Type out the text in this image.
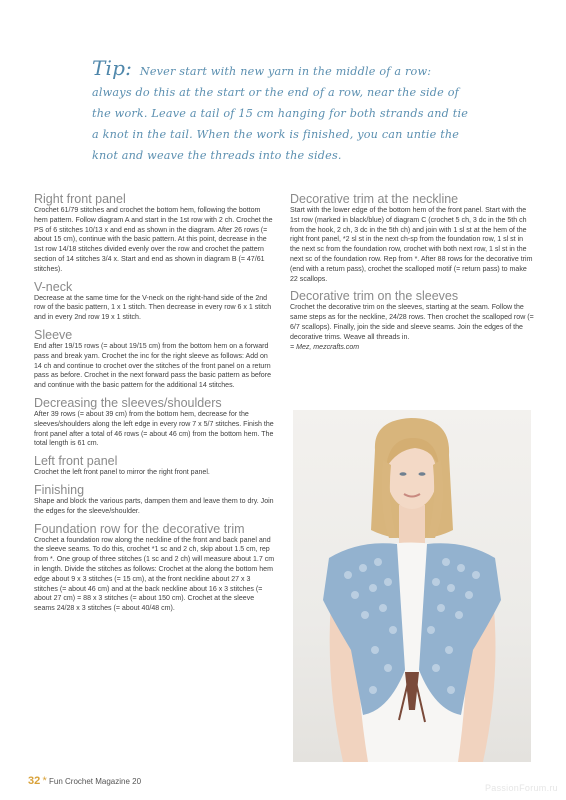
Tip: Never start with new yarn in the middle of a row: always do this at the start or the end of a row, near the side of the work. Leave a tail of 15 cm hanging for both strands and tie a knot in the tail. When the work is finished, you can untie the knot and weave the threads into the sides.
Right front panel

Crochet 61/79 stitches and crochet the bottom hem, following the bottom hem pattern. Follow diagram A and start in the 1st row with 2 ch. Crochet the PS of 6 stitches 10/13 x and end as shown in the diagram. After 26 rows (= about 15 cm), continue with the basic pattern. At this point, decrease in the 1st row 14/18 stitches divided evenly over the row and crochet the pattern section of 14 stitches 3/4 x. Start and end as shown in diagram B (= 47/61 stitches).

V-neck

Decrease at the same time for the V-neck on the right-hand side of the 2nd row of the basic pattern, 1 x 1 stitch. Then decrease in every row 6 x 1 stitch and in every 2nd row 19 x 1 stitch.

Sleeve

End after 19/15 rows (= about 19/15 cm) from the bottom hem on a forward pass and break yarn. Crochet the inc for the right sleeve as follows: Add on 14 ch and continue to crochet over the stitches of the front panel on a return pass as before. Crochet in the next forward pass the basic pattern as before and continue with the basic pattern for the additional 14 stitches.

Decreasing the sleeves/shoulders

After 39 rows (= about 39 cm) from the bottom hem, decrease for the sleeves/shoulders along the left edge in every row 7 x 5/7 stitches. Finish the front panel after a total of 46 rows (= about 46 cm) from the bottom hem. The total length is 61 cm.

Left front panel

Crochet the left front panel to mirror the right front panel.

Finishing

Shape and block the various parts, dampen them and leave them to dry. Join the edges for the sleeve/shoulder.

Foundation row for the decorative trim

Crochet a foundation row along the neckline of the front and back panel and the sleeve seams. To do this, crochet *1 sc and 2 ch, skip about 1.5 cm, rep from *. One group of three stitches (1 sc and 2 ch) will measure about 1.7 cm in length. Divide the stitches as follows: Crochet at the along the bottom hem edge about 9 x 3 stitches (= 15 cm), at the front neckline about 27 x 3 stitches (= about 46 cm) and at the back neckline about 16 x 3 stitches (= about 27 cm) = 88 x 3 stitches (= about 150 cm). Crochet at the sleeve seams 24/28 x 3 stitches (= about 40/48 cm).

Decorative trim at the neckline

Start with the lower edge of the bottom hem of the front panel. Start with the 1st row (marked in black/blue) of diagram C (crochet 5 ch, 3 dc in the 5th ch from the hook, 2 ch, 3 dc in the 5th ch) and join with 1 sl st at the hem of the right front panel, *2 sl st in the next ch-sp from the foundation row, 1 sl st in the next sc from the foundation row, crochet with both next row, 1 sl st in the next sc of the foundation row. Rep from *. After 88 rows for the decorative trim (end with a return pass), crochet the scalloped motif (= return pass) to make 22 scallops.

Decorative trim on the sleeves

Crochet the decorative trim on the sleeves, starting at the seam. Follow the same steps as for the neckline, 24/28 rows. Then crochet the scalloped row (= 6/7 scallops). Finally, join the side and sleeve seams. Join the edges of the decorative trims. Weave all threads in.

= Mez, mezcrafts.com

32 * Fun Crochet Magazine 20
PassionForum.ru
